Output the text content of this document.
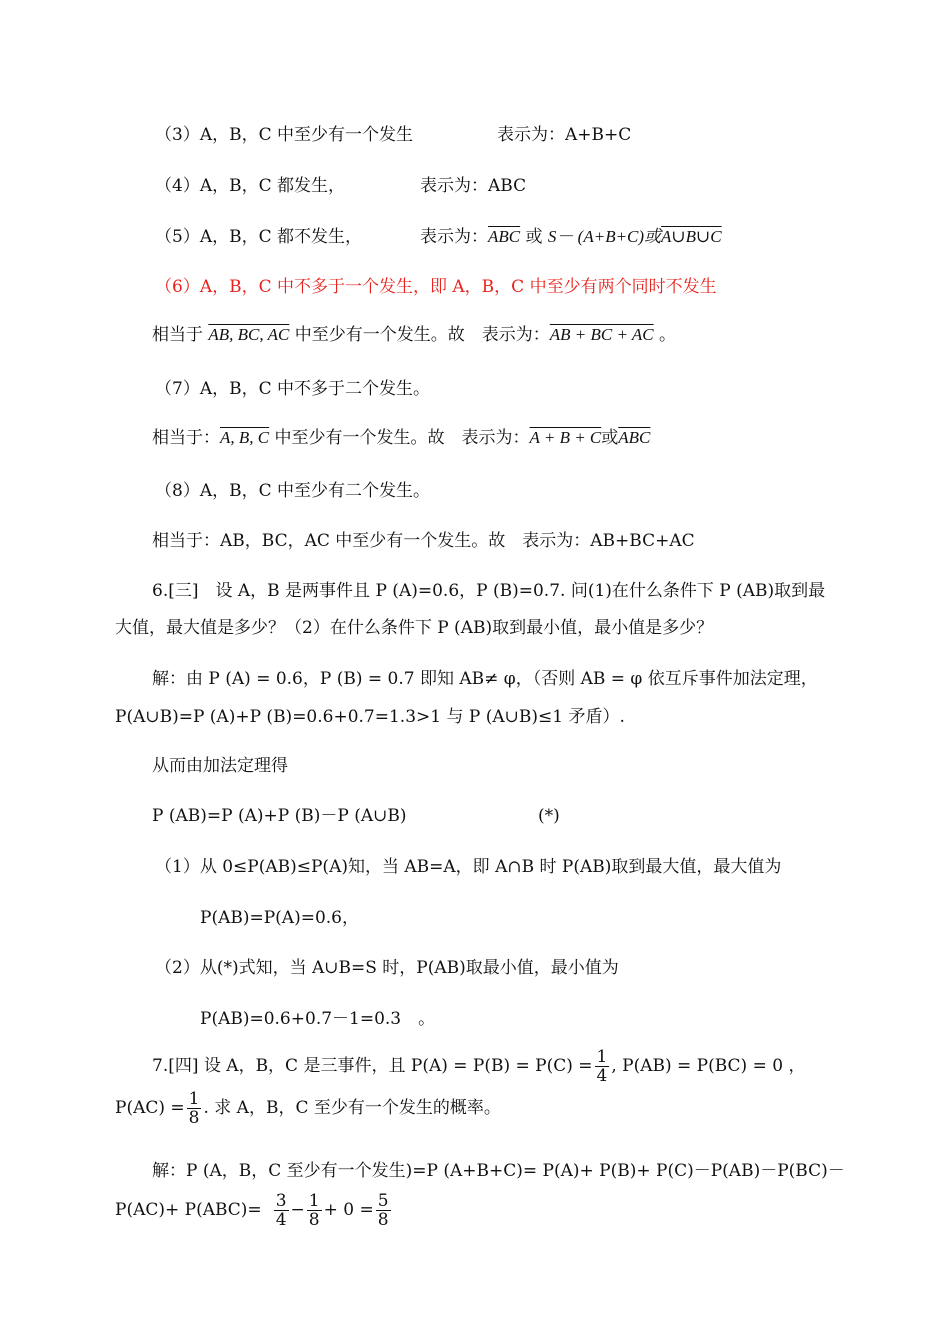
（3）A，B，C 中至少有一个发生	表示为：A+B+C
（4）A，B，C 都发生，	表示为：ABC
（5）A，B，C 都不发生，	表示为：$\overline{ABC}$ 或 S－ (A+B+C)或A∪B∪C
（6）A，B，C 中不多于一个发生，即 A，B，C 中至少有两个同时不发生
相当于 AB, BC, AC 中至少有一个发生。故　表示为：AB + BC + AC 。
（7）A，B，C 中不多于二个发生。
相当于：A, B, C 中至少有一个发生。故　表示为：A + B + C或$\overline{ABC}$
（8）A，B，C 中至少有二个发生。
相当于：AB，BC，AC 中至少有一个发生。故　表示为：AB+BC+AC
6.[三]　设 A，B 是两事件且 P (A)=0.6，P (B)=0.7. 问(1)在什么条件下 P (AB)取到最
大值，最大值是多少？（2）在什么条件下 P (AB)取到最小值，最小值是多少？
解：由 P (A) = 0.6，P (B) = 0.7 即知 AB≠ φ，（否则 AB = φ 依互斥事件加法定理，
P(A∪B)=P (A)+P (B)=0.6+0.7=1.3>1 与 P (A∪B)≤1 矛盾）.
从而由加法定理得
P (AB)=P (A)+P (B)－P (A∪B)	(*)
（1）从 0≤P(AB)≤P(A)知，当 AB=A，即 A∩B 时 P(AB)取到最大值，最大值为
P(AB)=P(A)=0.6，
（2）从(*)式知，当 A∪B=S 时，P(AB)取最小值，最小值为
P(AB)=0.6+0.7－1=0.3　。
7.[四] 设 A，B，C 是三事件，且 $P(A) = P(B) = P(C) = \frac{1}{4}$ , P(AB) = P(BC) = 0 ，
$P(AC) = \frac{1}{8}$ . 求 A，B，C 至少有一个发生的概率。
解：P (A，B，C 至少有一个发生)=P (A+B+C)= P(A)+ P(B)+ P(C)－P(AB)－P(BC)－
$P(AC)+ P(ABC)= \frac{3}{4} - \frac{1}{8} + 0 = \frac{5}{8}$
